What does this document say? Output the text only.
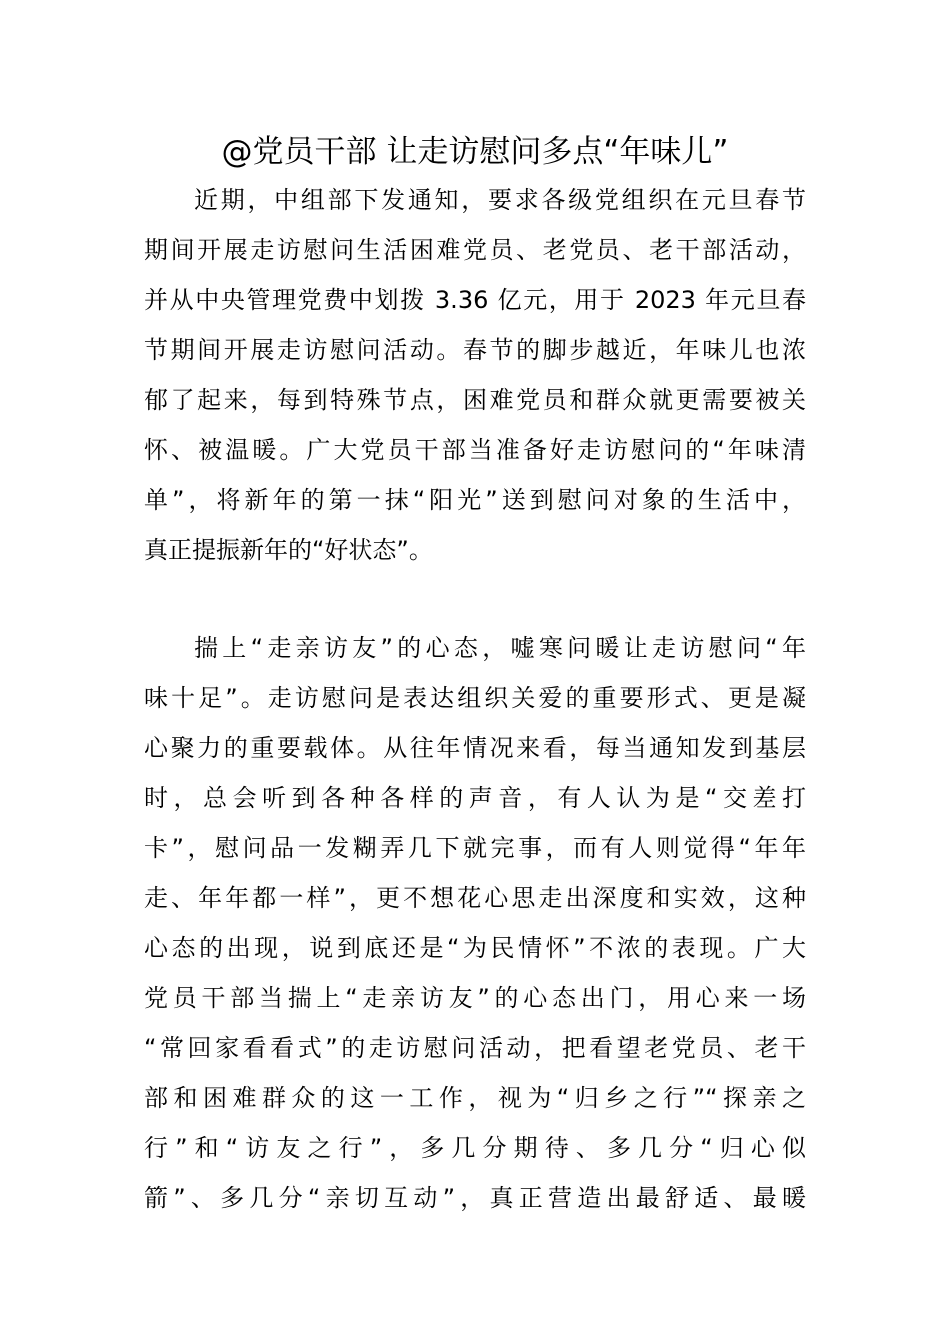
@党员干部 让走访慰问多点“年味儿”
近期，中组部下发通知，要求各级党组织在元旦春节
期间开展走访慰问生活困难党员、老党员、老干部活动，
并从中央管理党费中划拨 3.36 亿元，用于 2023 年元旦春
节期间开展走访慰问活动。春节的脚步越近，年味儿也浓
郁了起来，每到特殊节点，困难党员和群众就更需要被关
怀、被温暖。广大党员干部当准备好走访慰问的“年味清
单”，将新年的第一抹“阳光”送到慰问对象的生活中，
真正提振新年的“好状态”。
揣上“走亲访友”的心态，嘘寒问暖让走访慰问“年
味十足”。走访慰问是表达组织关爱的重要形式、更是凝
心聚力的重要载体。从往年情况来看，每当通知发到基层
时，总会听到各种各样的声音，有人认为是“交差打
卡”，慰问品一发糊弄几下就完事，而有人则觉得“年年
走、年年都一样”，更不想花心思走出深度和实效，这种
心态的出现，说到底还是“为民情怀”不浓的表现。广大
党员干部当揣上“走亲访友”的心态出门，用心来一场
“常回家看看式”的走访慰问活动，把看望老党员、老干
部和困难群众的这一工作，视为“归乡之行”“探亲之
行”和“访友之行”，多几分期待、多几分“归心似
箭”、多几分“亲切互动”，真正营造出最舒适、最暖
